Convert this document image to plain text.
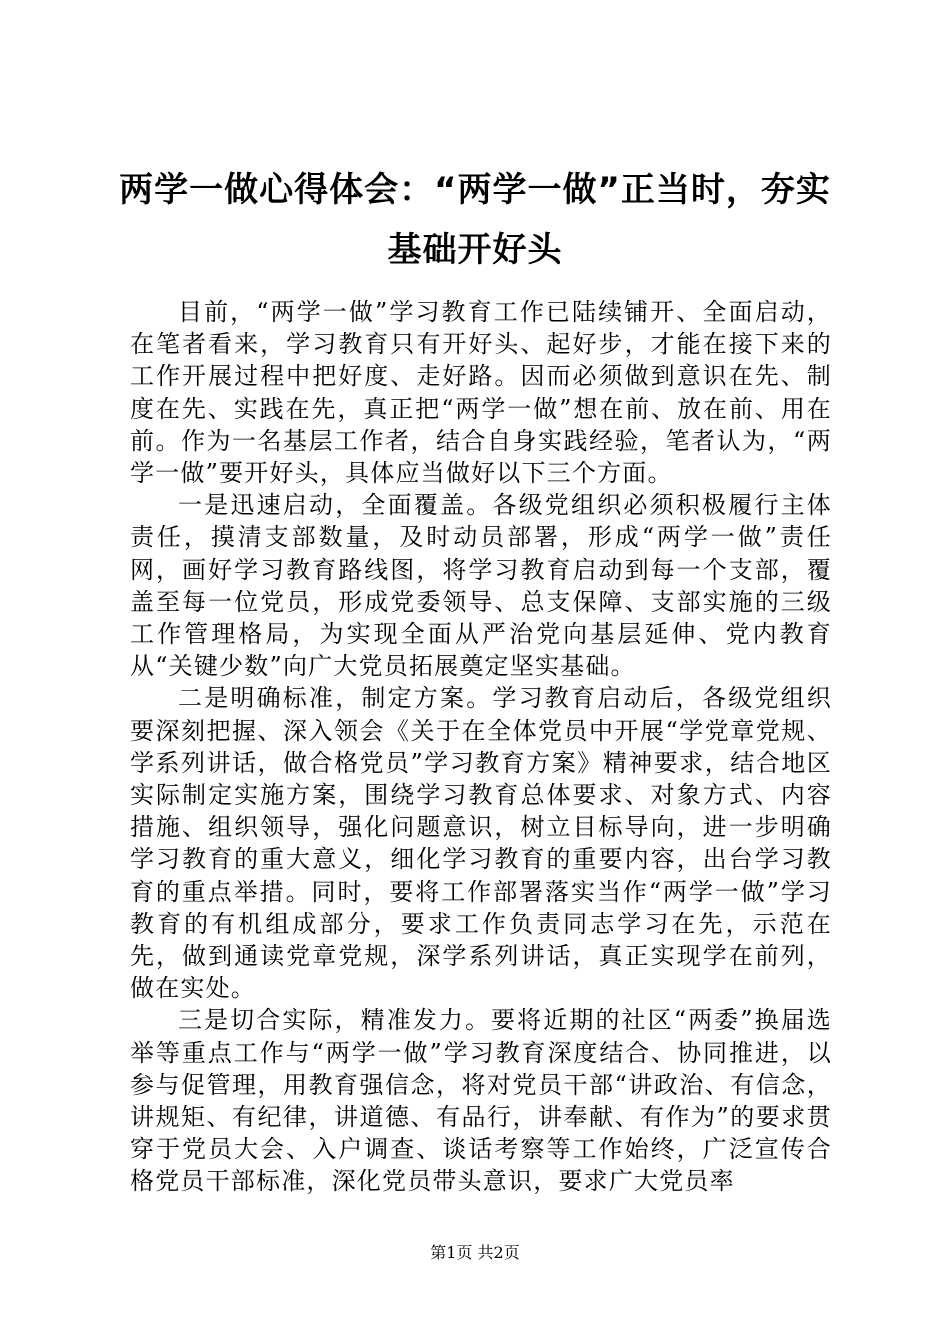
两学一做心得体会：“两学一做”正当时，夯实基础开好头

目前，“两学一做”学习教育工作已陆续铺开、全面启动，在笔者看来，学习教育只有开好头、起好步，才能在接下来的工作开展过程中把好度、走好路。因而必须做到意识在先、制度在先、实践在先，真正把“两学一做”想在前、放在前、用在前。作为一名基层工作者，结合自身实践经验，笔者认为，“两学一做”要开好头，具体应当做好以下三个方面。

一是迅速启动，全面覆盖。各级党组织必须积极履行主体责任，摸清支部数量，及时动员部署，形成“两学一做”责任网，画好学习教育路线图，将学习教育启动到每一个支部，覆盖至每一位党员，形成党委领导、总支保障、支部实施的三级工作管理格局，为实现全面从严治党向基层延伸、党内教育从“关键少数”向广大党员拓展奠定坚实基础。

二是明确标准，制定方案。学习教育启动后，各级党组织要深刻把握、深入领会《关于在全体党员中开展“学党章党规、学系列讲话，做合格党员”学习教育方案》精神要求，结合地区实际制定实施方案，围绕学习教育总体要求、对象方式、内容措施、组织领导，强化问题意识，树立目标导向，进一步明确学习教育的重大意义，细化学习教育的重要内容，出台学习教育的重点举措。同时，要将工作部署落实当作“两学一做”学习教育的有机组成部分，要求工作负责同志学习在先，示范在先，做到通读党章党规，深学系列讲话，真正实现学在前列，做在实处。

三是切合实际，精准发力。要将近期的社区“两委”换届选举等重点工作与“两学一做”学习教育深度结合、协同推进，以参与促管理，用教育强信念，将对党员干部“讲政治、有信念，讲规矩、有纪律，讲道德、有品行，讲奉献、有作为”的要求贯穿于党员大会、入户调查、谈话考察等工作始终，广泛宣传合格党员干部标准，深化党员带头意识，要求广大党员率

第1页 共2页
